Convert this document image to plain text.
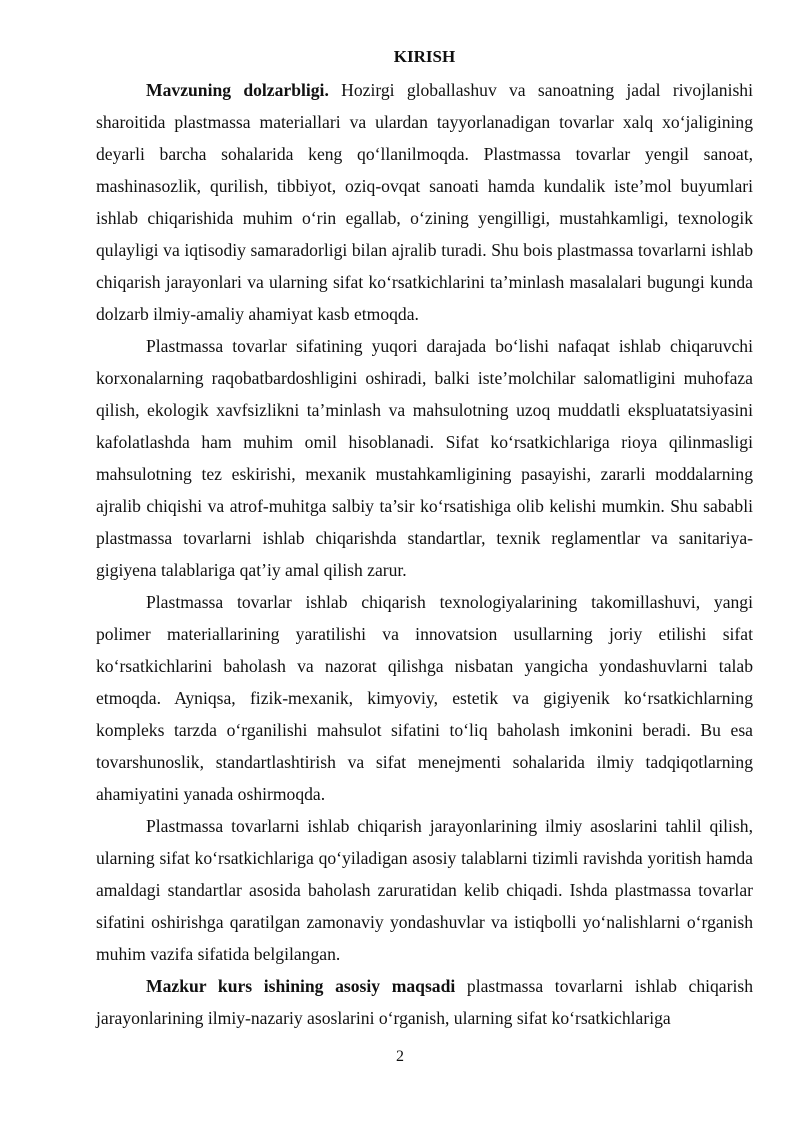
KIRISH

Mavzuning dolzarbligi. Hozirgi globallashuv va sanoatning jadal rivojlanishi sharoitida plastmassa materiallari va ulardan tayyorlanadigan tovarlar xalq xo‘jaligining deyarli barcha sohalarida keng qo‘llanilmoqda. Plastmassa tovarlar yengil sanoat, mashinasozlik, qurilish, tibbiyot, oziq-ovqat sanoati hamda kundalik iste’mol buyumlari ishlab chiqarishida muhim o‘rin egallab, o‘zining yengilligi, mustahkamligi, texnologik qulayligi va iqtisodiy samaradorligi bilan ajralib turadi. Shu bois plastmassa tovarlarni ishlab chiqarish jarayonlari va ularning sifat ko‘rsatkichlarini ta’minlash masalalari bugungi kunda dolzarb ilmiy-amaliy ahamiyat kasb etmoqda.

Plastmassa tovarlar sifatining yuqori darajada bo‘lishi nafaqat ishlab chiqaruvchi korxonalarning raqobatbardoshligini oshiradi, balki iste’molchilar salomatligini muhofaza qilish, ekologik xavfsizlikni ta’minlash va mahsulotning uzoq muddatli ekspluatatsiyasini kafolatlashda ham muhim omil hisoblanadi. Sifat ko‘rsatkichlariga rioya qilinmasligi mahsulotning tez eskirishi, mexanik mustahkamligining pasayishi, zararli moddalarning ajralib chiqishi va atrof-muhitga salbiy ta’sir ko‘rsatishiga olib kelishi mumkin. Shu sababli plastmassa tovarlarni ishlab chiqarishda standartlar, texnik reglamentlar va sanitariya-gigiyena talablariga qat’iy amal qilish zarur.

Plastmassa tovarlar ishlab chiqarish texnologiyalarining takomillashuvi, yangi polimer materiallarining yaratilishi va innovatsion usullarning joriy etilishi sifat ko‘rsatkichlarini baholash va nazorat qilishga nisbatan yangicha yondashuvlarni talab etmoqda. Ayniqsa, fizik-mexanik, kimyoviy, estetik va gigiyenik ko‘rsatkichlarning kompleks tarzda o‘rganilishi mahsulot sifatini to‘liq baholash imkonini beradi. Bu esa tovarshunoslik, standartlashtirish va sifat menejmenti sohalarida ilmiy tadqiqotlarning ahamiyatini yanada oshirmoqda.

Plastmassa tovarlarni ishlab chiqarish jarayonlarining ilmiy asoslarini tahlil qilish, ularning sifat ko‘rsatkichlariga qo‘yiladigan asosiy talablarni tizimli ravishda yoritish hamda amaldagi standartlar asosida baholash zaruratidan kelib chiqadi. Ishda plastmassa tovarlar sifatini oshirishga qaratilgan zamonaviy yondashuvlar va istiqbolli yo‘nalishlarni o‘rganish muhim vazifa sifatida belgilangan.

Mazkur kurs ishining asosiy maqsadi plastmassa tovarlarni ishlab chiqarish jarayonlarining ilmiy-nazariy asoslarini o‘rganish, ularning sifat ko‘rsatkichlariga

2
